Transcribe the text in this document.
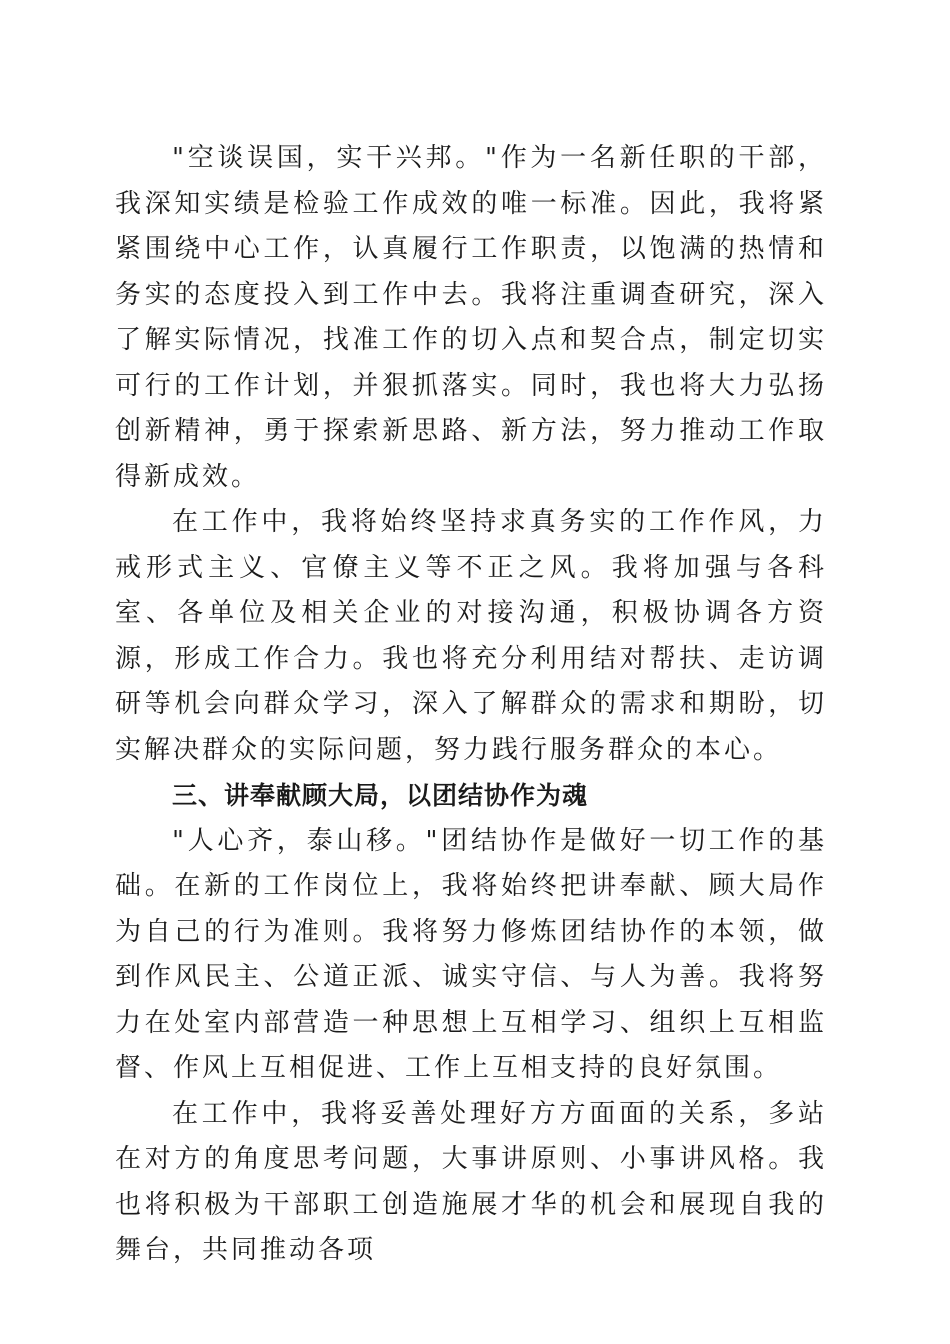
"空谈误国，实干兴邦。"作为一名新任职的干部，我深知实绩是检验工作成效的唯一标准。因此，我将紧紧围绕中心工作，认真履行工作职责，以饱满的热情和务实的态度投入到工作中去。我将注重调查研究，深入了解实际情况，找准工作的切入点和契合点，制定切实可行的工作计划，并狠抓落实。同时，我也将大力弘扬创新精神，勇于探索新思路、新方法，努力推动工作取得新成效。

在工作中，我将始终坚持求真务实的工作作风，力戒形式主义、官僚主义等不正之风。我将加强与各科室、各单位及相关企业的对接沟通，积极协调各方资源，形成工作合力。我也将充分利用结对帮扶、走访调研等机会向群众学习，深入了解群众的需求和期盼，切实解决群众的实际问题，努力践行服务群众的本心。

三、讲奉献顾大局，以团结协作为魂

"人心齐，泰山移。"团结协作是做好一切工作的基础。在新的工作岗位上，我将始终把讲奉献、顾大局作为自己的行为准则。我将努力修炼团结协作的本领，做到作风民主、公道正派、诚实守信、与人为善。我将努力在处室内部营造一种思想上互相学习、组织上互相监督、作风上互相促进、工作上互相支持的良好氛围。

在工作中，我将妥善处理好方方面面的关系，多站在对方的角度思考问题，大事讲原则、小事讲风格。我也将积极为干部职工创造施展才华的机会和展现自我的舞台，共同推动各项
